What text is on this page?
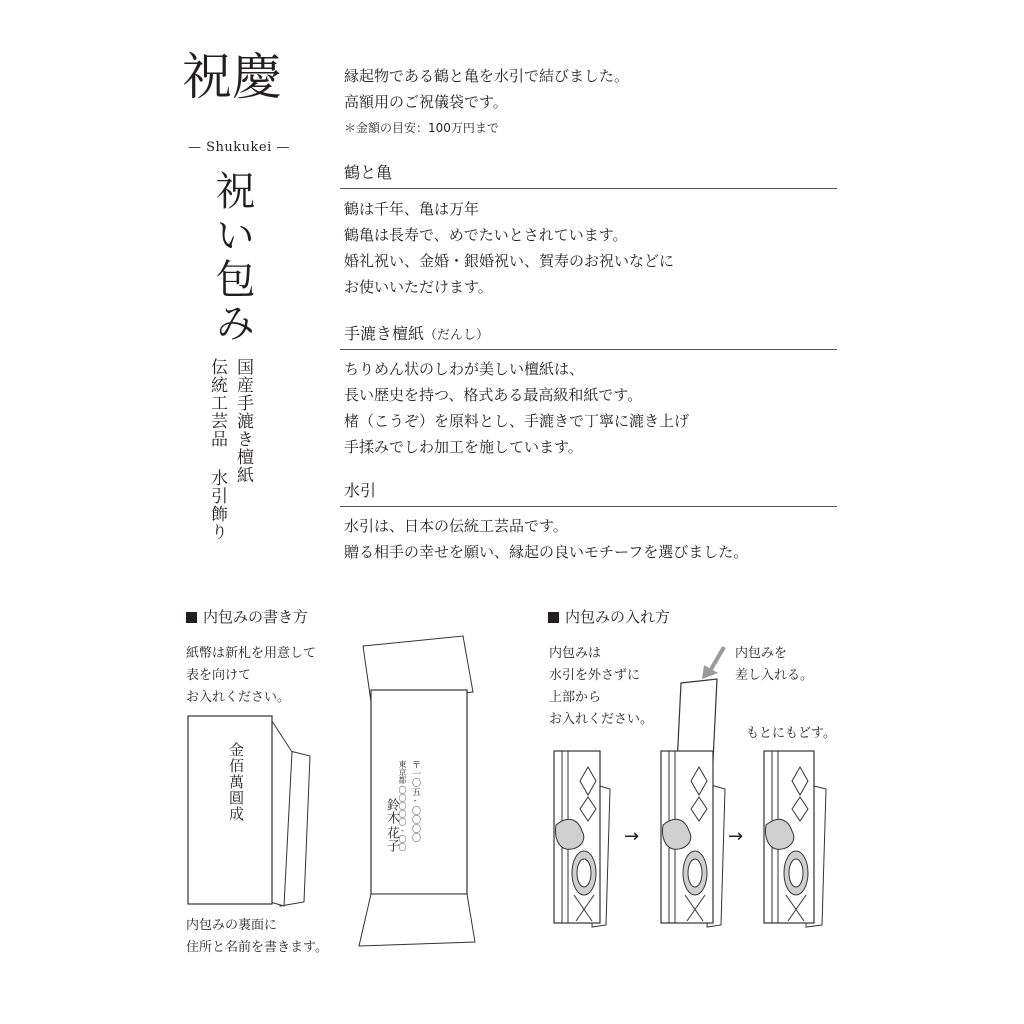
祝慶
— Shukukei —
祝い包み
国産手漉き檀紙
伝統工芸品 水引飾り

縁起物である鶴と亀を水引で結びました。

高額用のご祝儀袋です。

＊金額の目安：100万円まで
鶴と亀

鶴は千年、亀は万年

鶴亀は長寿で、めでたいとされています。

婚礼祝い、金婚・銀婚祝い、賀寿のお祝いなどに

お使いいただけます。

手漉き檀紙（だんし）

ちりめん状のしわが美しい檀紙は、

長い歴史を持つ、格式ある最高級和紙です。

楮（こうぞ）を原料とし、手漉きで丁寧に漉き上げ

手揉みでしわ加工を施しています。

水引

水引は、日本の伝統工芸品です。

贈る相手の幸せを願い、縁起の良いモチーフを選びました。

内包みの書き方

紙幣は新札を用意して

表を向けて

お入れください。

金佰萬圓成	〒一〇五-〇〇〇〇
東京都
〇〇〇〇〇-〇〇
鈴木
花子

内包みの裏面に

住所と名前を書きます。

内包みの入れ方

内包みは

水引を外さずに

上部から

お入れください。

内包みを

差し入れる。

もとにもどす。
→	→
